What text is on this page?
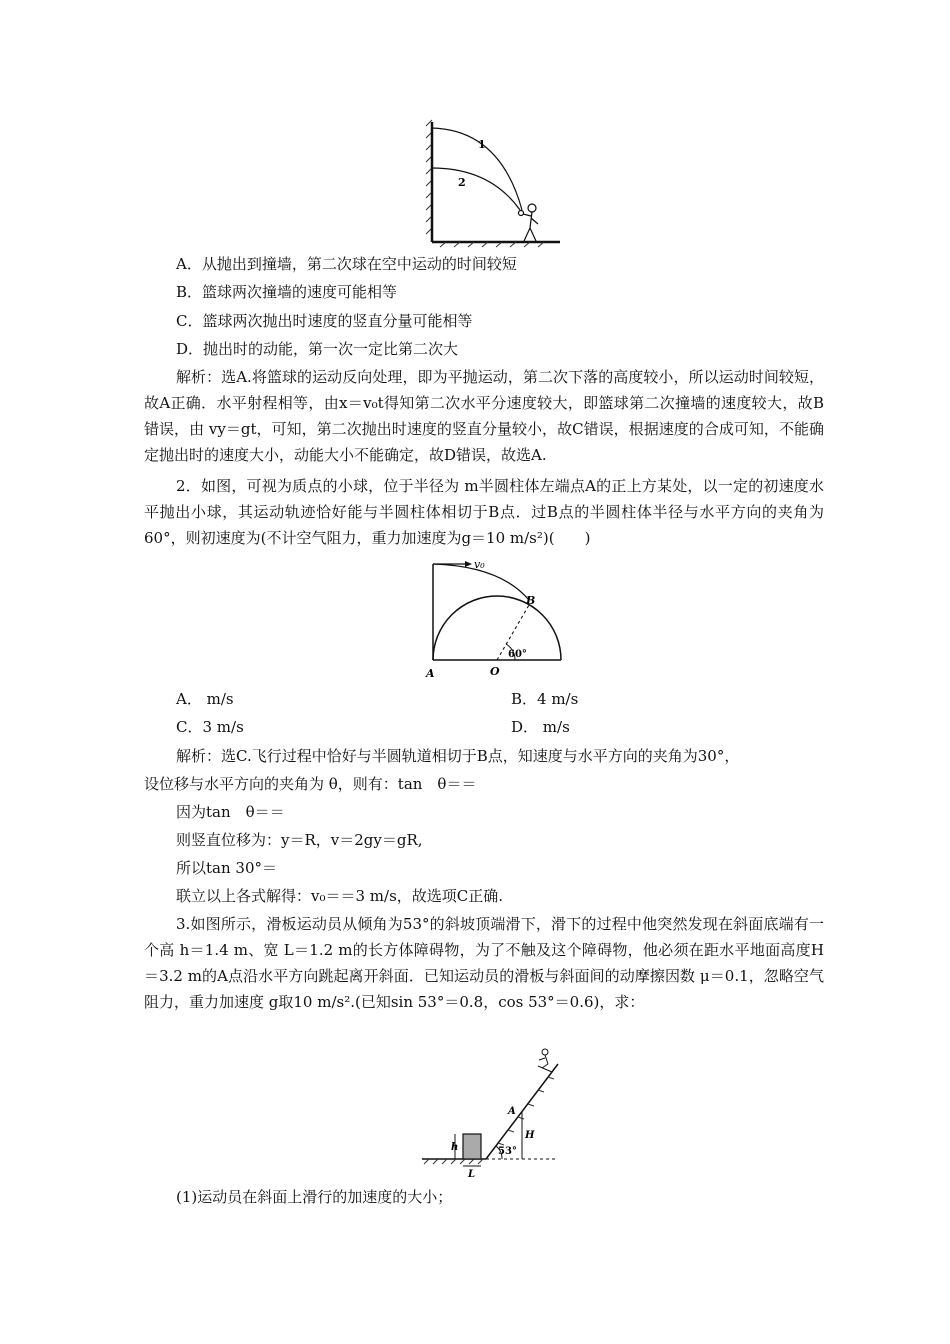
1
2
A．从抛出到撞墙，第二次球在空中运动的时间较短
B．篮球两次撞墙的速度可能相等
C．篮球两次抛出时速度的竖直分量可能相等
D．抛出时的动能，第一次一定比第二次大
解析：选A.将篮球的运动反向处理，即为平抛运动，第二次下落的高度较小，所以运动时间较短，故A正确．水平射程相等，由x＝v₀t得知第二次水平分速度较大，即篮球第二次撞墙的速度较大，故B错误，由 vy＝gt，可知，第二次抛出时速度的竖直分量较小，故C错误，根据速度的合成可知，不能确定抛出时的速度大小，动能大小不能确定，故D错误，故选A.
2．如图，可视为质点的小球，位于半径为 m半圆柱体左端点A的正上方某处，以一定的初速度水平抛出小球，其运动轨迹恰好能与半圆柱体相切于B点．过B点的半圆柱体半径与水平方向的夹角为60°，则初速度为(不计空气阻力，重力加速度为g＝10 m/s²)(　　)
v₀
B
60°
A	O
A． m/s	B．4 m/s
C．3 m/s	D． m/s
解析：选C.飞行过程中恰好与半圆轨道相切于B点，知速度与水平方向的夹角为30°，
设位移与水平方向的夹角为 θ，则有：tan　θ＝＝
因为tan　θ＝＝
则竖直位移为：y＝R，v＝2gy＝gR,
所以tan 30°＝
联立以上各式解得：v₀＝＝3 m/s，故选项C正确.
3.如图所示，滑板运动员从倾角为53°的斜坡顶端滑下，滑下的过程中他突然发现在斜面底端有一个高 h＝1.4 m、宽 L＝1.2 m的长方体障碍物，为了不触及这个障碍物，他必须在距水平地面高度H＝3.2 m的A点沿水平方向跳起离开斜面．已知运动员的滑板与斜面间的动摩擦因数 μ＝0.1，忽略空气阻力，重力加速度 g取10 m/s².(已知sin 53°＝0.8，cos 53°＝0.6)，求：
h
L
H
A
53°
(1)运动员在斜面上滑行的加速度的大小；
